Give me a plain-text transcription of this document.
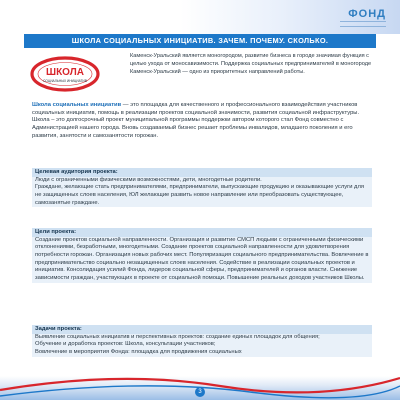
ФОНД
ШКОЛА СОЦИАЛЬНЫХ ИНИЦИАТИВ. ЗАЧЕМ. ПОЧЕМУ. СКОЛЬКО.
ШКОЛА
СОЦИАЛЬНЫХ ИНИЦИАТИВ
Каменск-Уральский является моногородом, развитие бизнеса в городе значимая функция с целью ухода от моносавизимости. Поддержка социальных предпринимателей в моногороде Каменск-Уральский — одно из приоритетных направлений работы.
Школа социальных инициатив — это площадка для качественного и профессионального взаимодействия участников социальных инициатив, помощь в реализации проектов социальной значимости, развития социальной инфраструктуры. Школа – это долгосрочный проект муниципальной программы поддержки автором которого стал Фонд совместно с Администрацией нашего города. Вновь создаваемый бизнес решает проблемы инвалидов, младшего поколения и его развития, занятости и самозанятости горожан.
Целевая аудитория проекта:

Люди с ограниченными физическими возможностями, дети, многодетные родители.

Граждане, желающие стать предпринимателями, предприниматели, выпускающие продукцию и оказывающие услуги для не защищенных слоев населения, ЮЛ желающие развить новое направление или преобразовать существующее, самозанятые граждане.

Цели проекта:

Создание проектов социальной направленности. Организация и развитие СМСП людьми с ограниченными физическими отклонениями, безработными, многодетными. Создание проектов социальной направленности для удовлетворения потребности горожан. Организация новых рабочих мест. Популяризация социального предпринимательства. Вовлечение в предпринимательство социально незащищенных слоев населения. Содействие в реализации социальных проектов и инициатив. Консолидация усилий Фонда, лидеров социальной сферы, предпринимателей и органов власти. Снижение зависимости граждан, участвующих в проекте от социальной помощи. Повышение реальных доходов участников Школы.

Задачи проекта:

Выявление социальных инициатив и перспективных проектов: создание единых площадок для общения;

Обучение и доработка проектов: Школа, консультации участников;

Вовлечение в мероприятия Фонда: площадка для продвижения социальных

3
